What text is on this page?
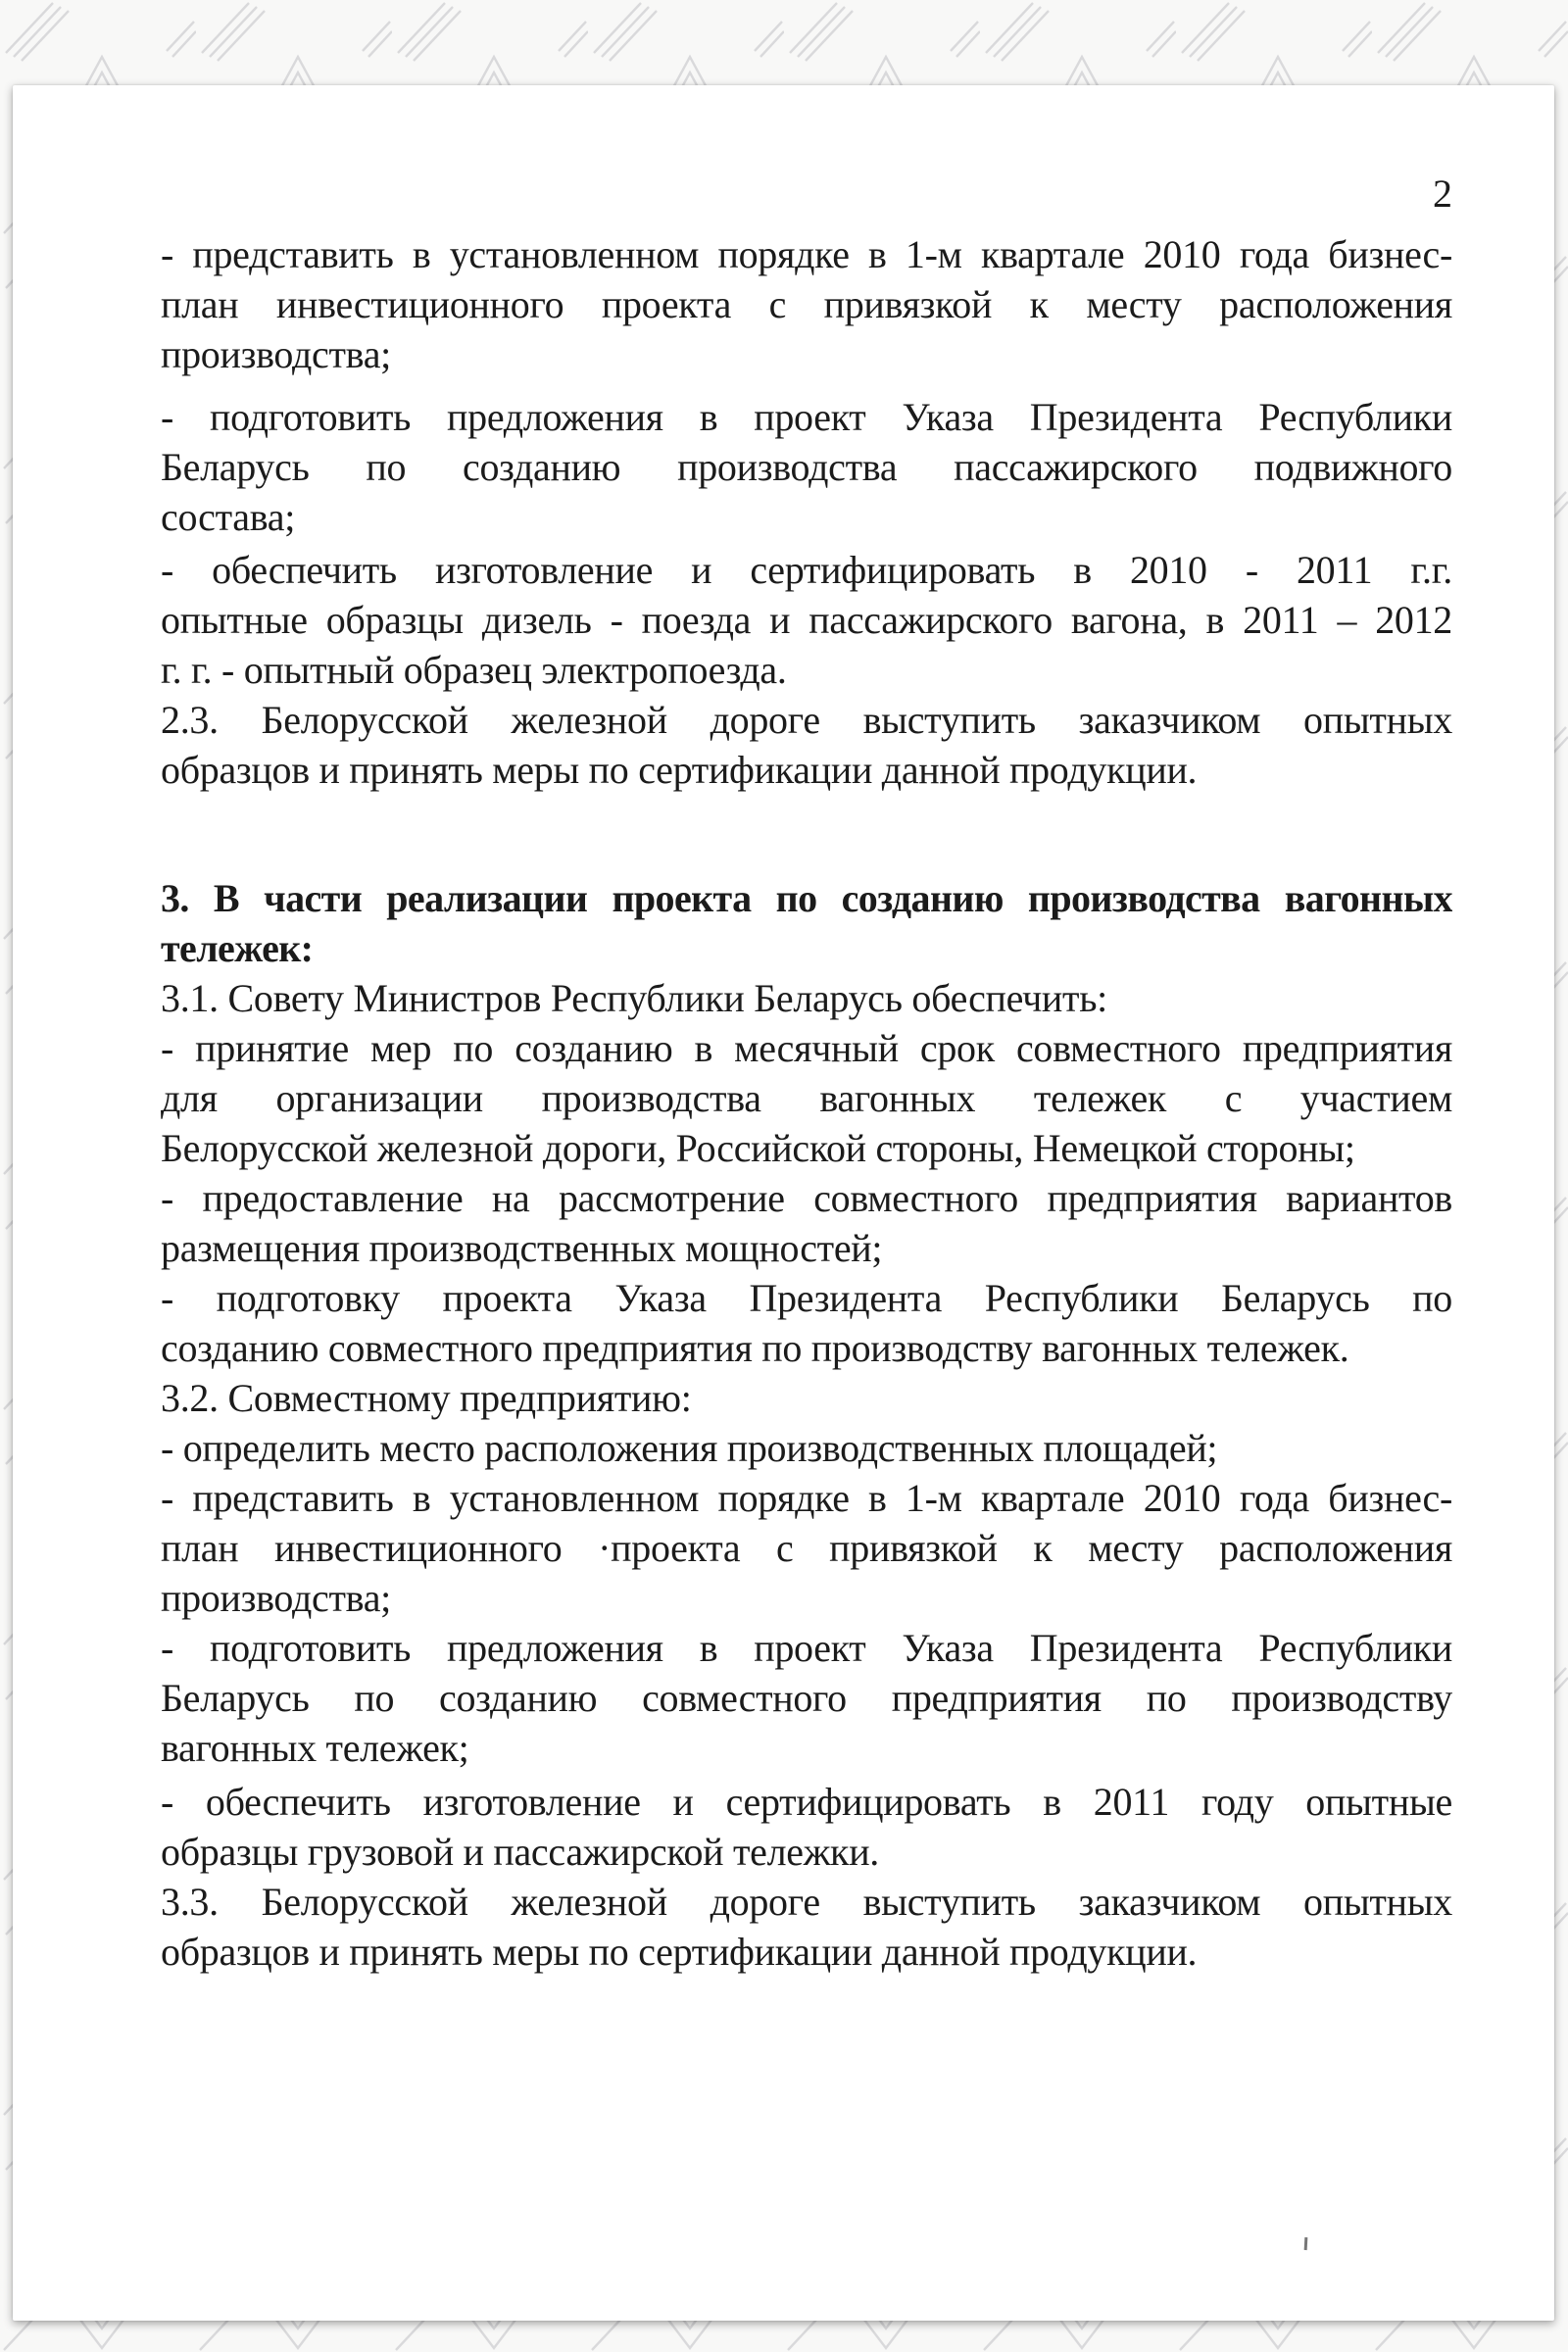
2
- представить в установленном порядке в 1-м квартале 2010 года бизнес-
план инвестиционного проекта с привязкой к месту расположения
производства;
- подготовить предложения в проект Указа Президента Республики
Беларусь по созданию производства пассажирского подвижного
состава;
- обеспечить изготовление и сертифицировать в 2010 - 2011 г.г.
опытные образцы дизель - поезда и пассажирского вагона, в 2011 – 2012
г. г. - опытный образец электропоезда.
2.3. Белорусской железной дороге выступить заказчиком опытных
образцов и принять меры по сертификации данной продукции.
3. В части реализации проекта по созданию производства вагонных
тележек:
3.1. Совету Министров Республики Беларусь обеспечить:
- принятие мер по созданию в месячный срок совместного предприятия
для организации производства вагонных тележек с участием
Белорусской железной дороги, Российской стороны, Немецкой стороны;
- предоставление на рассмотрение совместного предприятия вариантов
размещения производственных мощностей;
- подготовку проекта Указа Президента Республики Беларусь по
созданию совместного предприятия по производству вагонных тележек.
3.2. Совместному предприятию:
- определить место расположения производственных площадей;
- представить в установленном порядке в 1-м квартале 2010 года бизнес-
план инвестиционного ·проекта с привязкой к месту расположения
производства;
- подготовить предложения в проект Указа Президента Республики
Беларусь по созданию совместного предприятия по производству
вагонных тележек;
- обеспечить изготовление и сертифицировать в 2011 году опытные
образцы грузовой и пассажирской тележки.
3.3. Белорусской железной дороге выступить заказчиком опытных
образцов и принять меры по сертификации данной продукции.
